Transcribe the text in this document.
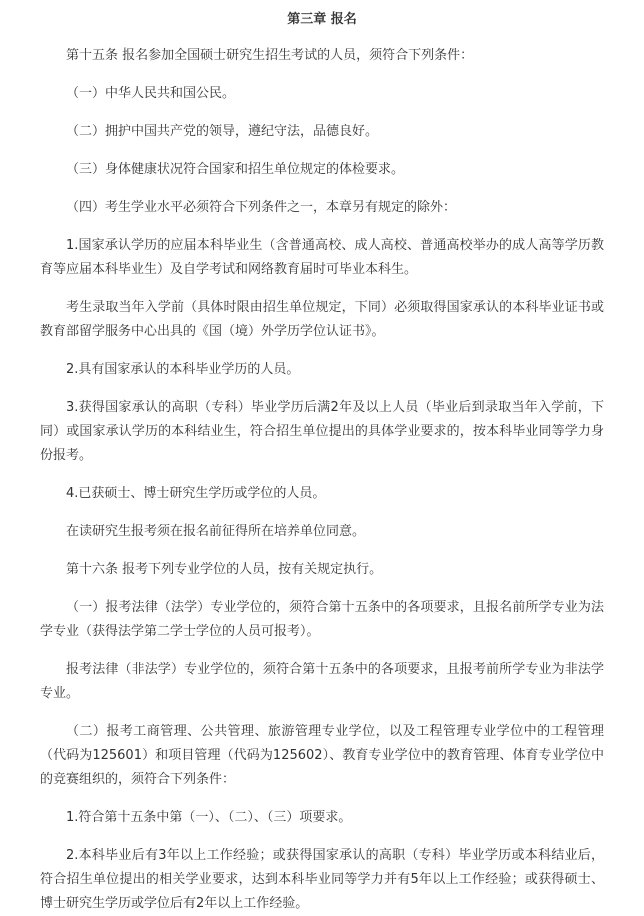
第三章 报名

第十五条 报名参加全国硕士研究生招生考试的人员，须符合下列条件：

（一）中华人民共和国公民。

（二）拥护中国共产党的领导，遵纪守法，品德良好。

（三）身体健康状况符合国家和招生单位规定的体检要求。

（四）考生学业水平必须符合下列条件之一，本章另有规定的除外：

1.国家承认学历的应届本科毕业生（含普通高校、成人高校、普通高校举办的成人高等学历教育等应届本科毕业生）及自学考试和网络教育届时可毕业本科生。

考生录取当年入学前（具体时限由招生单位规定，下同）必须取得国家承认的本科毕业证书或教育部留学服务中心出具的《国（境）外学历学位认证书》。

2.具有国家承认的本科毕业学历的人员。

3.获得国家承认的高职（专科）毕业学历后满2年及以上人员（毕业后到录取当年入学前，下同）或国家承认学历的本科结业生，符合招生单位提出的具体学业要求的，按本科毕业同等学力身份报考。

4.已获硕士、博士研究生学历或学位的人员。

在读研究生报考须在报名前征得所在培养单位同意。

第十六条 报考下列专业学位的人员，按有关规定执行。

（一）报考法律（法学）专业学位的，须符合第十五条中的各项要求，且报名前所学专业为法学专业（获得法学第二学士学位的人员可报考）。

报考法律（非法学）专业学位的，须符合第十五条中的各项要求，且报考前所学专业为非法学专业。

（二）报考工商管理、公共管理、旅游管理专业学位，以及工程管理专业学位中的工程管理（代码为125601）和项目管理（代码为125602）、教育专业学位中的教育管理、体育专业学位中的竞赛组织的，须符合下列条件：

1.符合第十五条中第（一）、（二）、（三）项要求。

2.本科毕业后有3年以上工作经验；或获得国家承认的高职（专科）毕业学历或本科结业后，符合招生单位提出的相关学业要求，达到本科毕业同等学力并有5年以上工作经验；或获得硕士、博士研究生学历或学位后有2年以上工作经验。
